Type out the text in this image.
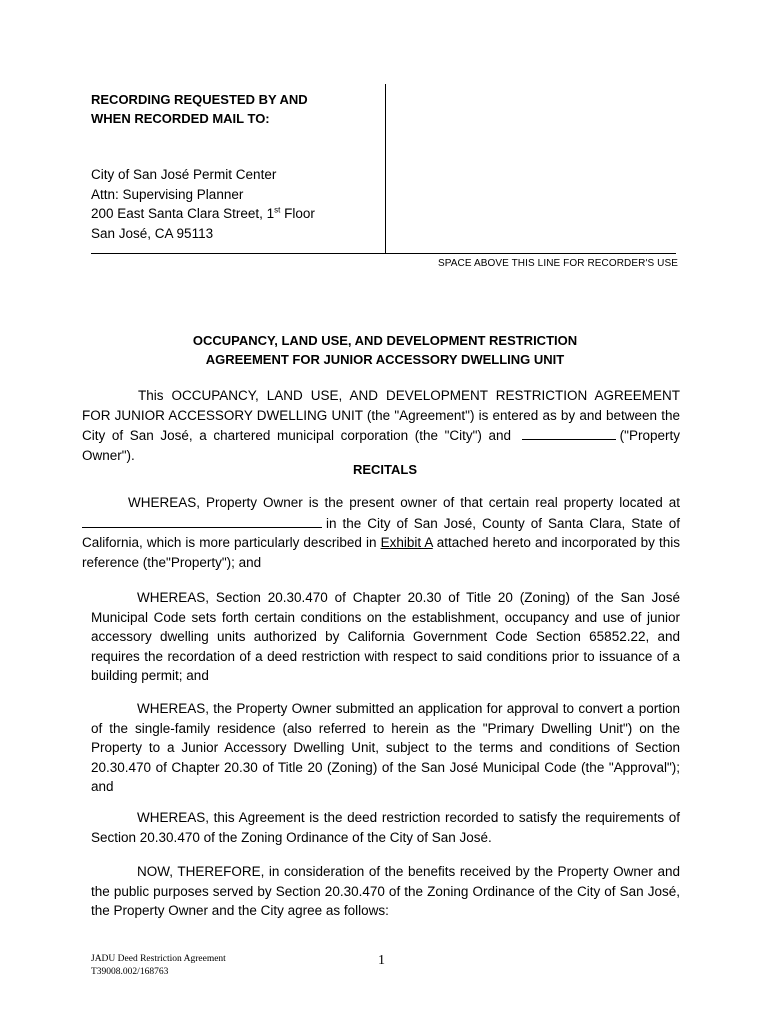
RECORDING REQUESTED BY AND
WHEN RECORDED MAIL TO:
City of San José Permit Center
Attn: Supervising Planner
200 East Santa Clara Street, 1st Floor
San José, CA 95113
SPACE ABOVE THIS LINE FOR RECORDER'S USE
OCCUPANCY, LAND USE, AND DEVELOPMENT RESTRICTION
AGREEMENT FOR JUNIOR ACCESSORY DWELLING UNIT
This OCCUPANCY, LAND USE, AND DEVELOPMENT RESTRICTION AGREEMENT FOR JUNIOR ACCESSORY DWELLING UNIT (the "Agreement") is entered as by and between the City of San José, a chartered municipal corporation (the "City") and	("Property Owner").
RECITALS
WHEREAS, Property Owner is the present owner of that certain real property located at in the City of San José, County of Santa Clara, State of California, which is more particularly described in Exhibit A attached hereto and incorporated by this reference (the"Property"); and
WHEREAS, Section 20.30.470 of Chapter 20.30 of Title 20 (Zoning) of the San José Municipal Code sets forth certain conditions on the establishment, occupancy and use of junior accessory dwelling units authorized by California Government Code Section 65852.22, and requires the recordation of a deed restriction with respect to said conditions prior to issuance of a building permit; and
WHEREAS, the Property Owner submitted an application for approval to convert a portion of the single-family residence (also referred to herein as the "Primary Dwelling Unit") on the Property to a Junior Accessory Dwelling Unit, subject to the terms and conditions of Section 20.30.470 of Chapter 20.30 of Title 20 (Zoning) of the San José Municipal Code (the "Approval"); and
WHEREAS, this Agreement is the deed restriction recorded to satisfy the requirements of Section 20.30.470 of the Zoning Ordinance of the City of San José.
NOW, THEREFORE, in consideration of the benefits received by the Property Owner and the public purposes served by Section 20.30.470 of the Zoning Ordinance of the City of San José, the Property Owner and the City agree as follows:
JADU Deed Restriction Agreement
T39008.002/168763
1
